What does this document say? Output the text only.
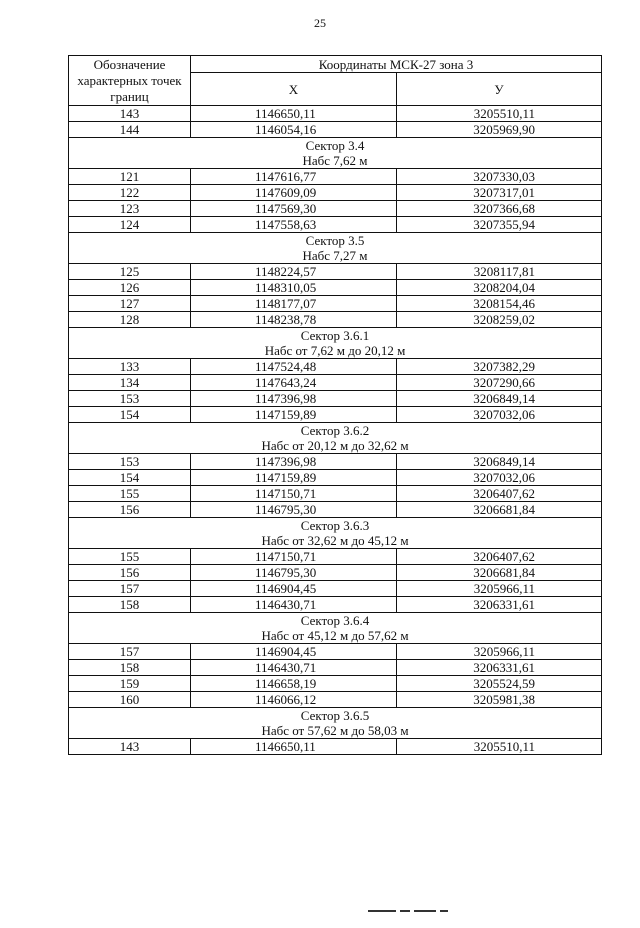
25
Обозначение характерных точек границ	Координаты МСК-27 зона 3	
	Х	У
143	1146650,11	3205510,11
144	1146054,16	3205969,90

Сектор 3.4
Набс 7,62 м		

121	1147616,77	3207330,03
122	1147609,09	3207317,01
123	1147569,30	3207366,68
124	1147558,63	3207355,94

Сектор 3.5
Набс 7,27 м		

125	1148224,57	3208117,81
126	1148310,05	3208204,04
127	1148177,07	3208154,46
128	1148238,78	3208259,02

Сектор 3.6.1
Набс от 7,62 м до 20,12 м		

133	1147524,48	3207382,29
134	1147643,24	3207290,66
153	1147396,98	3206849,14
154	1147159,89	3207032,06

Сектор 3.6.2
Набс от 20,12 м до 32,62 м		

153	1147396,98	3206849,14
154	1147159,89	3207032,06
155	1147150,71	3206407,62
156	1146795,30	3206681,84

Сектор 3.6.3
Набс от 32,62 м до 45,12 м		

155	1147150,71	3206407,62
156	1146795,30	3206681,84
157	1146904,45	3205966,11
158	1146430,71	3206331,61

Сектор 3.6.4
Набс от 45,12 м до 57,62 м		

157	1146904,45	3205966,11
158	1146430,71	3206331,61
159	1146658,19	3205524,59
160	1146066,12	3205981,38

Сектор 3.6.5
Набс от 57,62 м до 58,03 м		

143	1146650,11	3205510,11
